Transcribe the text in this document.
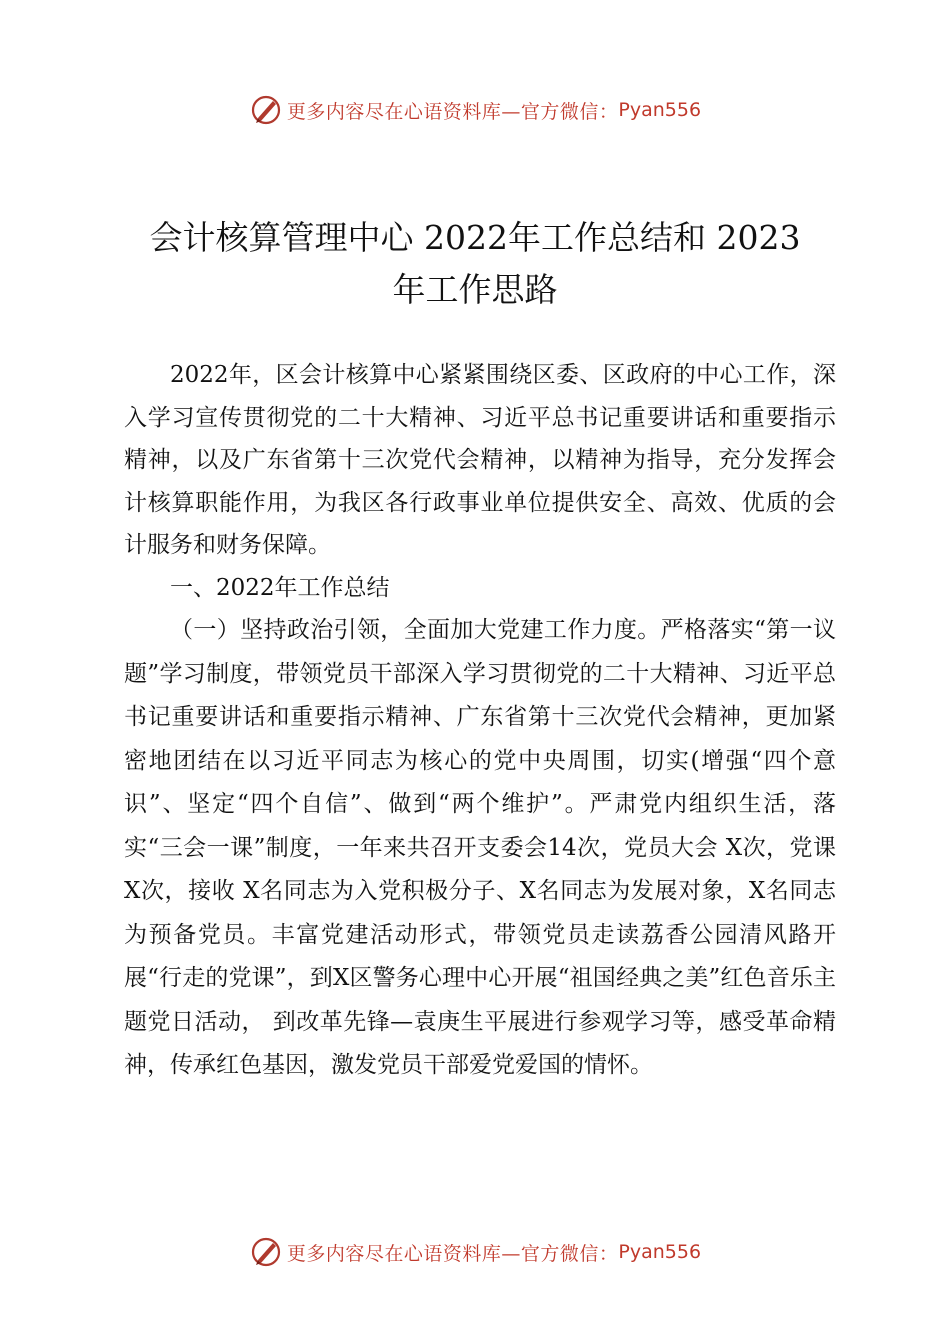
更多内容尽在心语资料库—官方微信： Pyan556
会计核算管理中心 2022年工作总结和 2023
年工作思路

2022年，区会计核算中心紧紧围绕区委、区政府的中心工作，深入学习宣传贯彻党的二十大精神、习近平总书记重要讲话和重要指示精神，以及广东省第十三次党代会精神，以精神为指导，充分发挥会计核算职能作用，为我区各行政事业单位提供安全、高效、优质的会计服务和财务保障。

一、2022年工作总结

（一）坚持政治引领，全面加大党建工作力度。严格落实“第一议题”学习制度，带领党员干部深入学习贯彻党的二十大精神、习近平总书记重要讲话和重要指示精神、广东省第十三次党代会精神，更加紧密地团结在以习近平同志为核心的党中央周围，切实(增强“四个意识”、坚定“四个自信”、做到“两个维护”。严肃党内组织生活，落实“三会一课”制度，一年来共召开支委会14次，党员大会 X次，党课 X次，接收 X名同志为入党积极分子、X名同志为发展对象，X名同志为预备党员。丰富党建活动形式，带领党员走读荔香公园清风路开展“行走的党课”，到X区警务心理中心开展“祖国经典之美”红色音乐主题党日活动， 到改革先锋—袁庚生平展进行参观学习等，感受革命精神，传承红色基因，激发党员干部爱党爱国的情怀。

更多内容尽在心语资料库—官方微信： Pyan556
